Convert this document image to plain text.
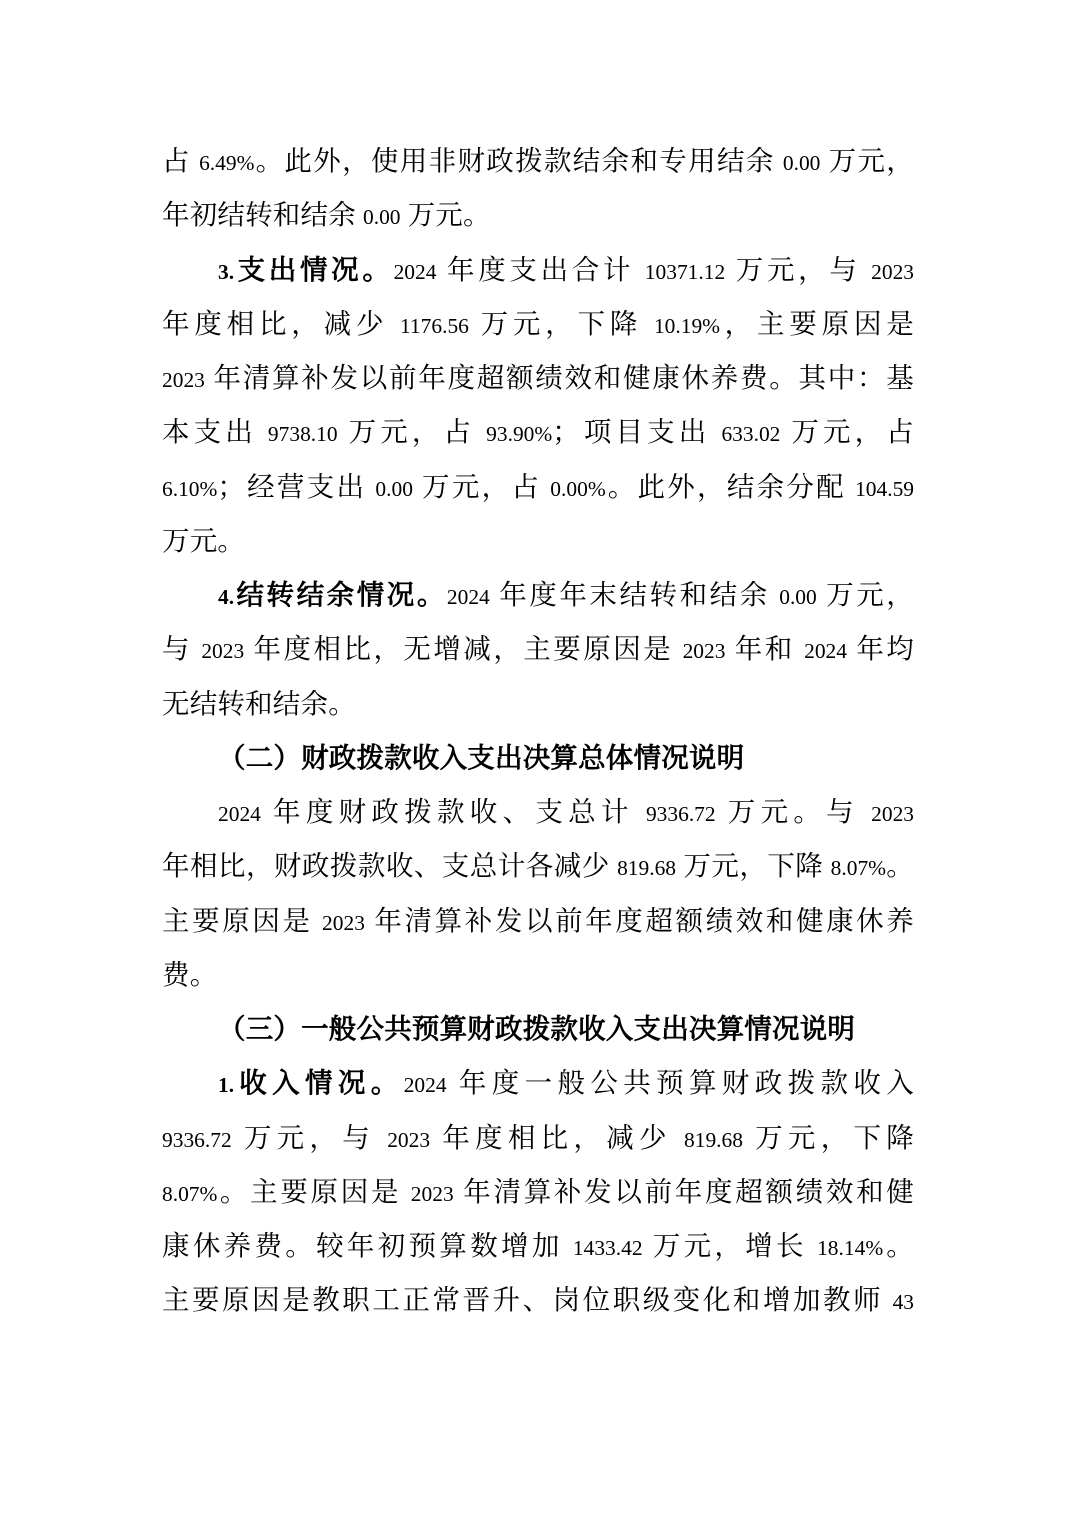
占 6.49%。此外，使用非财政拨款结余和专用结余 0.00 万元，
年初结转和结余 0.00 万元。
3.支出情况。2024 年度支出合计 10371.12 万元，与 2023
年度相比，减少 1176.56 万元，下降 10.19%，主要原因是
2023 年清算补发以前年度超额绩效和健康休养费。其中：基
本支出 9738.10 万元，占 93.90%；项目支出 633.02 万元，占
6.10%；经营支出 0.00 万元，占 0.00%。此外，结余分配 104.59
万元。
4.结转结余情况。2024 年度年末结转和结余 0.00 万元，
与 2023 年度相比，无增减，主要原因是 2023 年和 2024 年均
无结转和结余。
（二）财政拨款收入支出决算总体情况说明
2024 年度财政拨款收、支总计 9336.72 万元。与 2023
年相比，财政拨款收、支总计各减少 819.68 万元，下降 8.07%。
主要原因是 2023 年清算补发以前年度超额绩效和健康休养
费。
（三）一般公共预算财政拨款收入支出决算情况说明
1.收入情况。2024 年度一般公共预算财政拨款收入
9336.72 万元，与 2023 年度相比，减少 819.68 万元，下降
8.07%。主要原因是 2023 年清算补发以前年度超额绩效和健
康休养费。较年初预算数增加 1433.42 万元，增长 18.14%。
主要原因是教职工正常晋升、岗位职级变化和增加教师 43
